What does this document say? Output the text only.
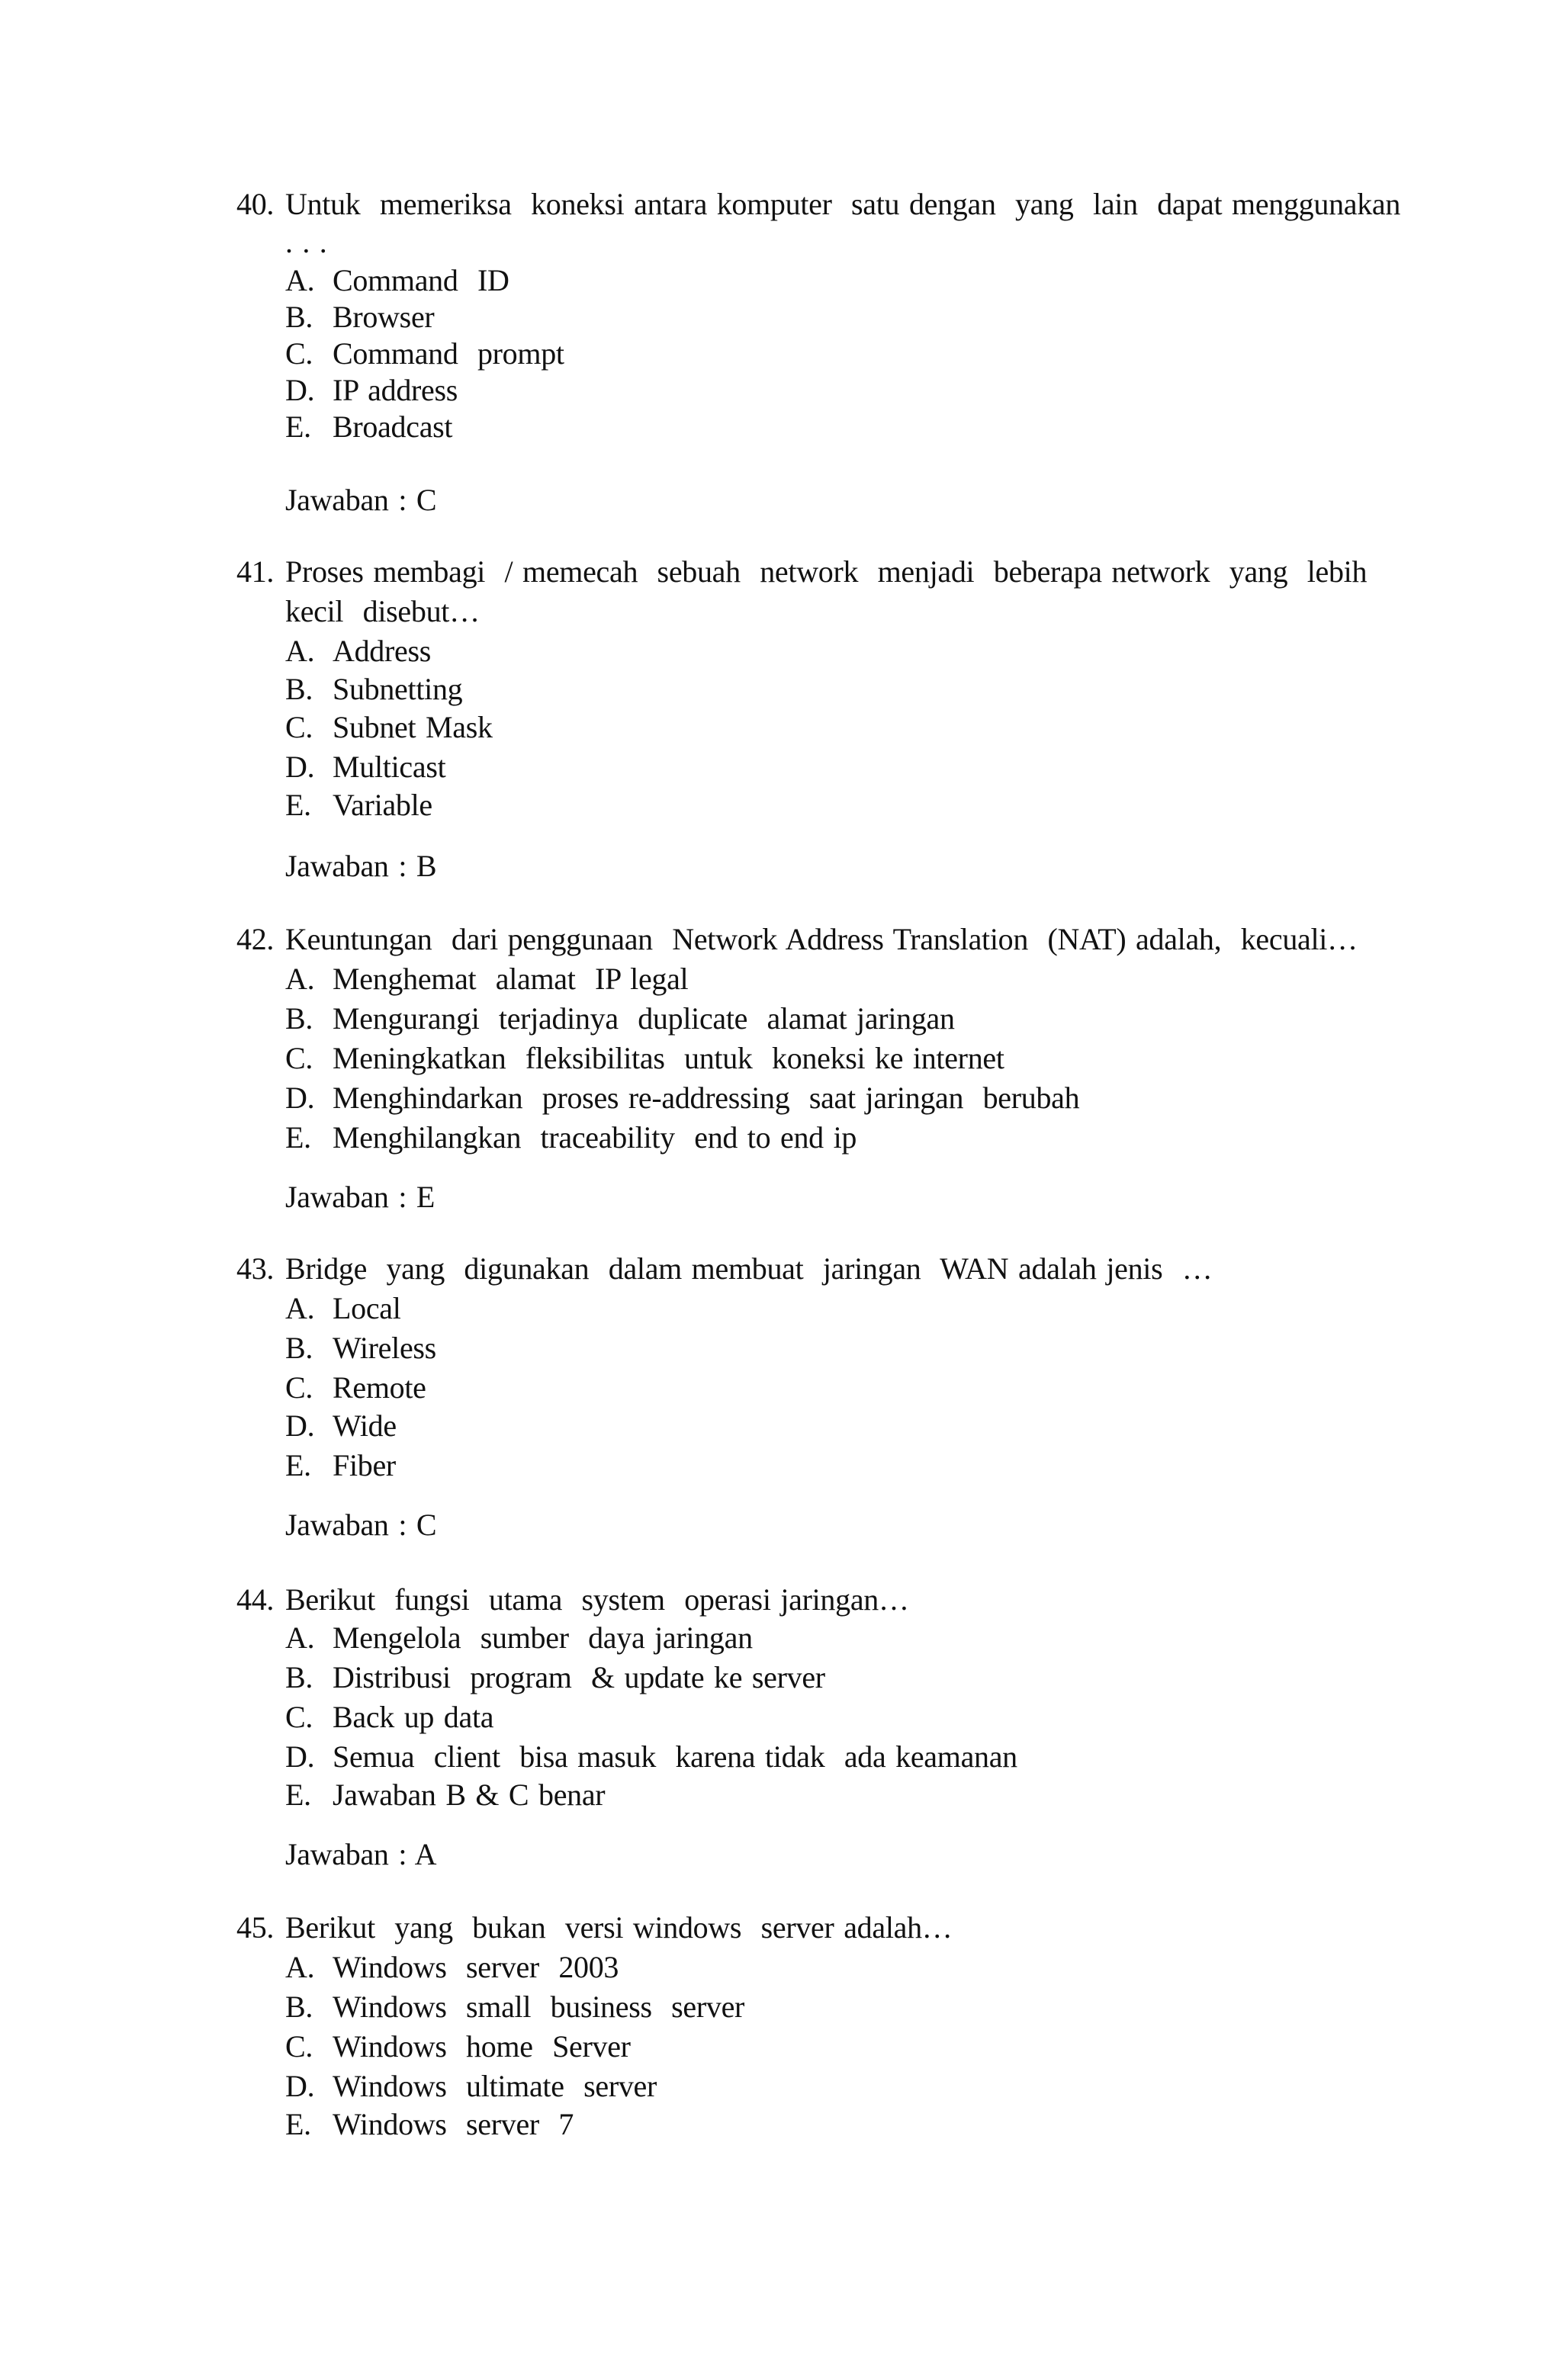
40. Untuk  memeriksa  koneksi antara komputer  satu dengan  yang  lain  dapat menggunakan
. . .
A. Command  ID
B. Browser
C. Command  prompt
D. IP address
E. Broadcast
Jawaban : C
41. Proses membagi  / memecah  sebuah  network  menjadi  beberapa network  yang  lebih
kecil  disebut…
A. Address
B. Subnetting
C. Subnet Mask
D. Multicast
E. Variable
Jawaban : B
42. Keuntungan  dari penggunaan  Network Address Translation  (NAT) adalah,  kecuali…
A. Menghemat  alamat  IP legal
B. Mengurangi  terjadinya  duplicate  alamat jaringan
C. Meningkatkan  fleksibilitas  untuk  koneksi ke internet
D. Menghindarkan  proses re-addressing  saat jaringan  berubah
E. Menghilangkan  traceability  end to end ip
Jawaban : E
43. Bridge  yang  digunakan  dalam membuat  jaringan  WAN adalah jenis  …
A. Local
B. Wireless
C. Remote
D. Wide
E. Fiber
Jawaban : C
44. Berikut  fungsi  utama  system  operasi jaringan…
A. Mengelola  sumber  daya jaringan
B. Distribusi  program  & update ke server
C. Back up data
D. Semua  client  bisa masuk  karena tidak  ada keamanan
E. Jawaban B & C benar
Jawaban : A
45. Berikut  yang  bukan  versi windows  server adalah…
A. Windows  server  2003
B. Windows  small  business  server
C. Windows  home  Server
D. Windows  ultimate  server
E. Windows  server  7
